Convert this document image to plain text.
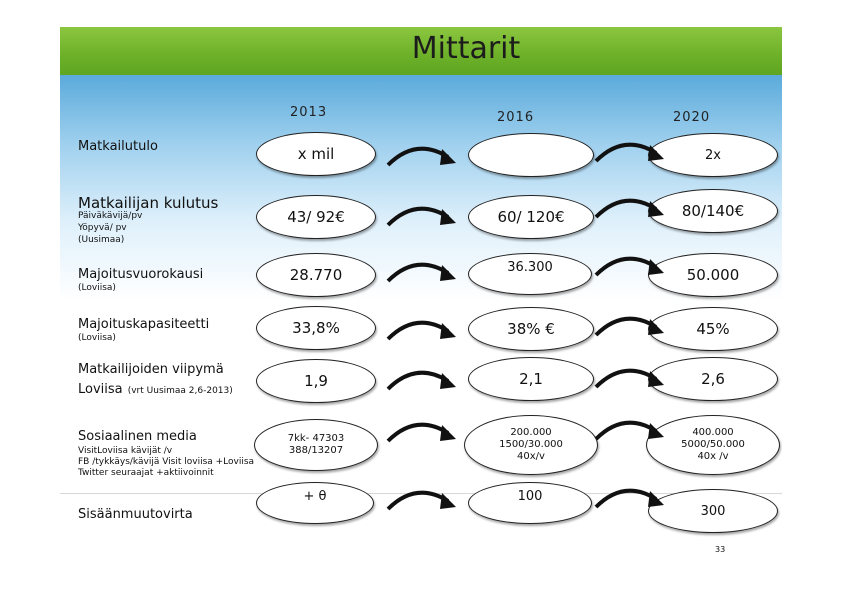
Mittarit
2013	2016	2020
Matkailutulo
Matkailijan kulutus
Päiväkävijä/pv
Yöpyvä/ pv
(Uusimaa)
Majoitusvuorokausi
(Loviisa)
Majoituskapasiteetti
(Loviisa)
Matkailijoiden viipymä
Loviisa (vrt Uusimaa 2,6-2013)
Sosiaalinen media
VisitLoviisa kävijät /v
FB /tykkäys/kävijä Visit loviisa +Loviisa
Twitter seuraajat +aktiivoinnit
Sisäänmuutovirta
x mil
43/ 92€
28.770
33,8%
1,9
7kk- 47303
388/13207
+ θ
60/ 120€
36.300
38% €
2,1
200.000
1500/30.000
40x/v
100
2x
80/140€
50.000
45%
2,6
400.000
5000/50.000
40x /v
300
33
